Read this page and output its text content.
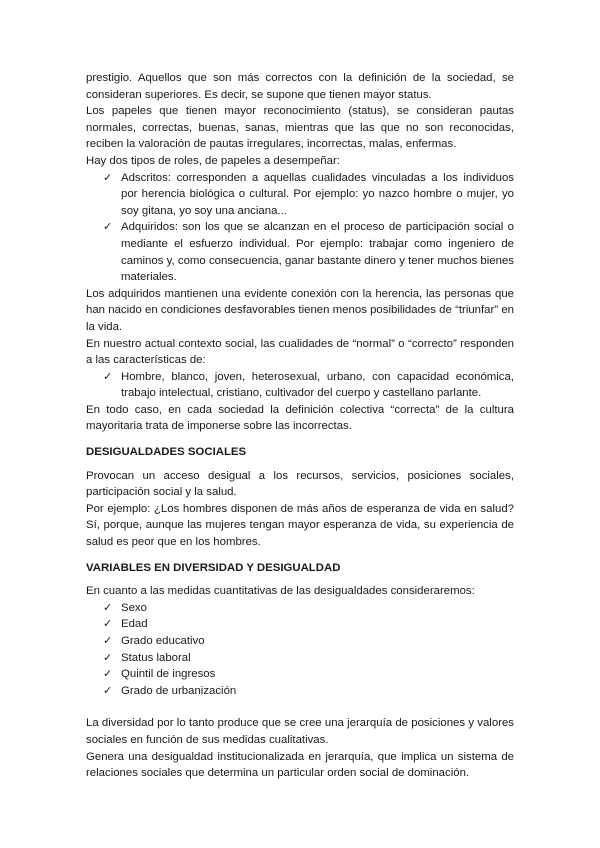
prestigio. Aquellos que son más correctos con la definición de la sociedad, se consideran superiores. Es decir, se supone que tienen mayor status.

Los papeles que tienen mayor reconocimiento (status), se consideran pautas normales, correctas, buenas, sanas, mientras que las que no son reconocidas, reciben la valoración de pautas irregulares, incorrectas, malas, enfermas.

Hay dos tipos de roles, de papeles a desempeñar:

✓ Adscritos: corresponden a aquellas cualidades vinculadas a los individuos por herencia biológica o cultural. Por ejemplo: yo nazco hombre o mujer, yo soy gitana, yo soy una anciana...
✓ Adquiridos: son los que se alcanzan en el proceso de participación social o mediante el esfuerzo individual. Por ejemplo: trabajar como ingeniero de caminos y, como consecuencia, ganar bastante dinero y tener muchos bienes materiales.

Los adquiridos mantienen una evidente conexión con la herencia, las personas que han nacido en condiciones desfavorables tienen menos posibilidades de “triunfar” en la vida.

En nuestro actual contexto social, las cualidades de “normal” o “correcto” responden a las características de:

✓ Hombre, blanco, joven, heterosexual, urbano, con capacidad económica, trabajo intelectual, cristiano, cultivador del cuerpo y castellano parlante.

En todo caso, en cada sociedad la definición colectiva “correcta” de la cultura mayoritaria trata de imponerse sobre las incorrectas.

DESIGUALDADES SOCIALES

Provocan un acceso desigual a los recursos, servicios, posiciones sociales, participación social y la salud.

Por ejemplo: ¿Los hombres disponen de más años de esperanza de vida en salud? Sí, porque, aunque las mujeres tengan mayor esperanza de vida, su experiencia de salud es peor que en los hombres.

VARIABLES EN DIVERSIDAD Y DESIGUALDAD

En cuanto a las medidas cuantitativas de las desigualdades consideraremos:

✓ Sexo
✓ Edad
✓ Grado educativo
✓ Status laboral
✓ Quintil de ingresos
✓ Grado de urbanización

La diversidad por lo tanto produce que se cree una jerarquía de posiciones y valores sociales en función de sus medidas cualitativas.

Genera una desigualdad institucionalizada en jerarquía, que implica un sistema de relaciones sociales que determina un particular orden social de dominación.
